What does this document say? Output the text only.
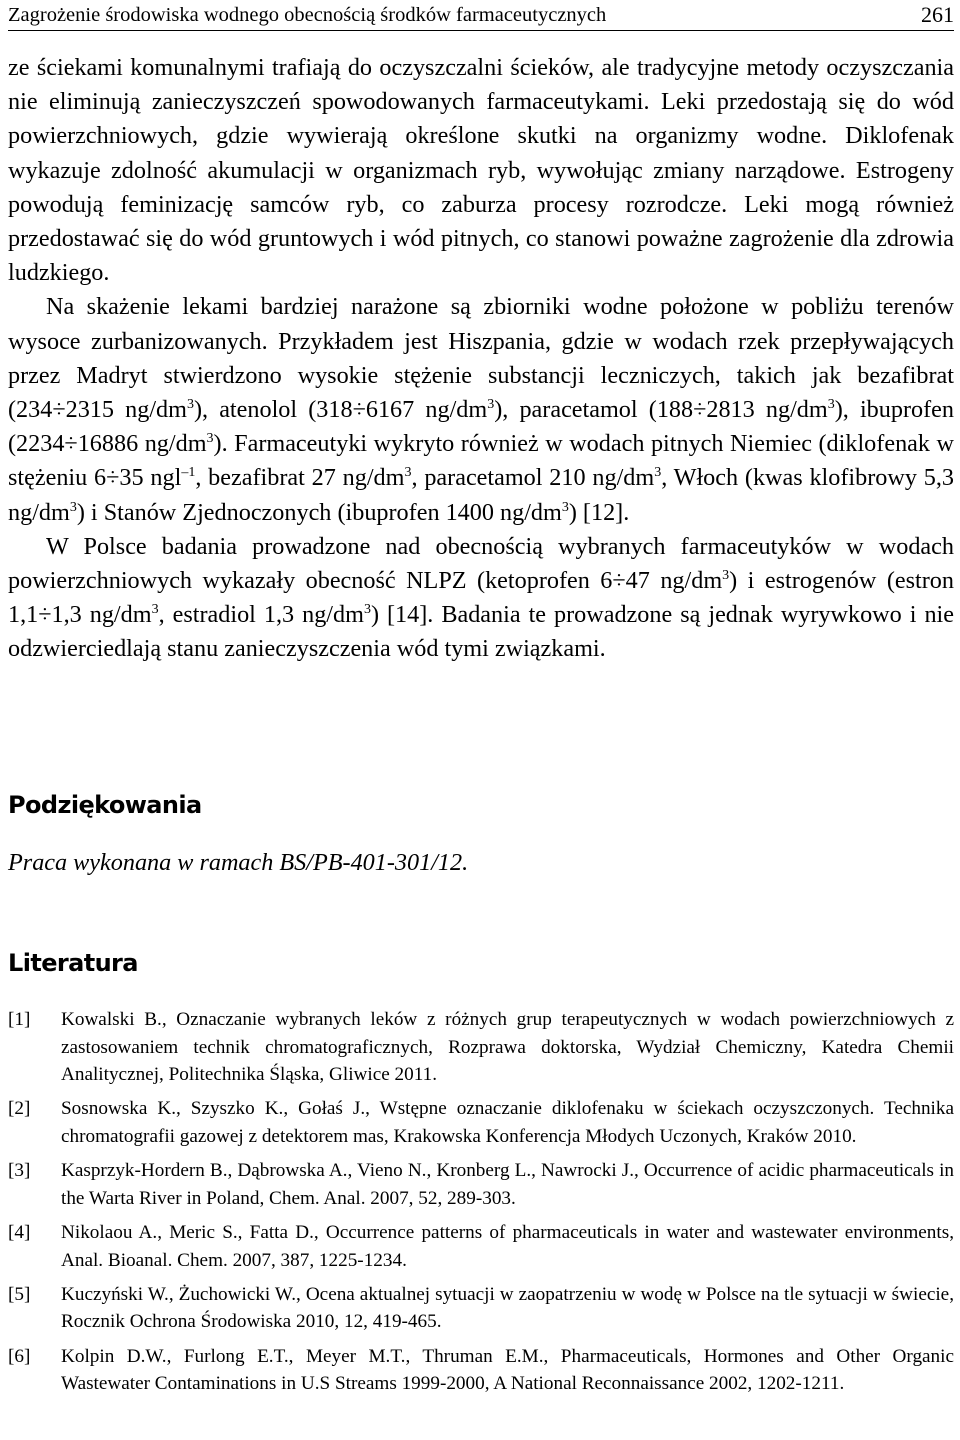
Zagrożenie środowiska wodnego obecnością środków farmaceutycznych	261

ze ściekami komunalnymi trafiają do oczyszczalni ścieków, ale tradycyjne metody oczyszczania nie eliminują zanieczyszczeń spowodowanych farmaceutykami. Leki przedostają się do wód powierzchniowych, gdzie wywierają określone skutki na organizmy wodne. Diklofenak wykazuje zdolność akumulacji w organizmach ryb, wywołując zmiany narządowe. Estrogeny powodują feminizację samców ryb, co zaburza procesy rozrodcze. Leki mogą również przedostawać się do wód gruntowych i wód pitnych, co stanowi poważne zagrożenie dla zdrowia ludzkiego.

Na skażenie lekami bardziej narażone są zbiorniki wodne położone w pobliżu terenów wysoce zurbanizowanych. Przykładem jest Hiszpania, gdzie w wodach rzek przepływających przez Madryt stwierdzono wysokie stężenie substancji leczniczych, takich jak bezafibrat (234÷2315 $ng/dm^3$), atenolol (318÷6167 $ng/dm^3$), paracetamol (188÷2813 $ng/dm^3$), ibuprofen (2234÷16886 $ng/dm^3$). Farmaceutyki wykryto również w wodach pitnych Niemiec (diklofenak w stężeniu 6÷35 ngl$^{-1}$, bezafibrat 27 $ng/dm^3$, paracetamol 210 $ng/dm^3$, Włoch (kwas klofibrowy 5,3 $ng/dm^3$) i Stanów Zjednoczonych (ibuprofen 1400 $ng/dm^3$) [12].

W Polsce badania prowadzone nad obecnością wybranych farmaceutyków w wodach powierzchniowych wykazały obecność NLPZ (ketoprofen 6÷47 $ng/dm^3$) i estrogenów (estron 1,1÷1,3 $ng/dm^3$, estradiol 1,3 $ng/dm^3$) [14]. Badania te prowadzone są jednak wyrywkowo i nie odzwierciedlają stanu zanieczyszczenia wód tymi związkami.

Podziękowania

Praca wykonana w ramach BS/PB-401-301/12.

Literatura
[1] Kowalski B., Oznaczanie wybranych leków z różnych grup terapeutycznych w wodach powierzchniowych z zastosowaniem technik chromatograficznych, Rozprawa doktorska, Wydział Chemiczny, Katedra Chemii Analitycznej, Politechnika Śląska, Gliwice 2011.
[2] Sosnowska K., Szyszko K., Gołaś J., Wstępne oznaczanie diklofenaku w ściekach oczyszczonych. Technika chromatografii gazowej z detektorem mas, Krakowska Konferencja Młodych Uczonych, Kraków 2010.
[3] Kasprzyk-Hordern B., Dąbrowska A., Vieno N., Kronberg L., Nawrocki J., Occurrence of acidic pharmaceuticals in the Warta River in Poland, Chem. Anal. 2007, 52, 289-303.
[4] Nikolaou A., Meric S., Fatta D., Occurrence patterns of pharmaceuticals in water and wastewater environments, Anal. Bioanal. Chem. 2007, 387, 1225-1234.
[5] Kuczyński W., Żuchowicki W., Ocena aktualnej sytuacji w zaopatrzeniu w wodę w Polsce na tle sytuacji w świecie, Rocznik Ochrona Środowiska 2010, 12, 419-465.
[6] Kolpin D.W., Furlong E.T., Meyer M.T., Thruman E.M., Pharmaceuticals, Hormones and Other Organic Wastewater Contaminations in U.S Streams 1999-2000, A National Reconnaissance 2002, 1202-1211.
